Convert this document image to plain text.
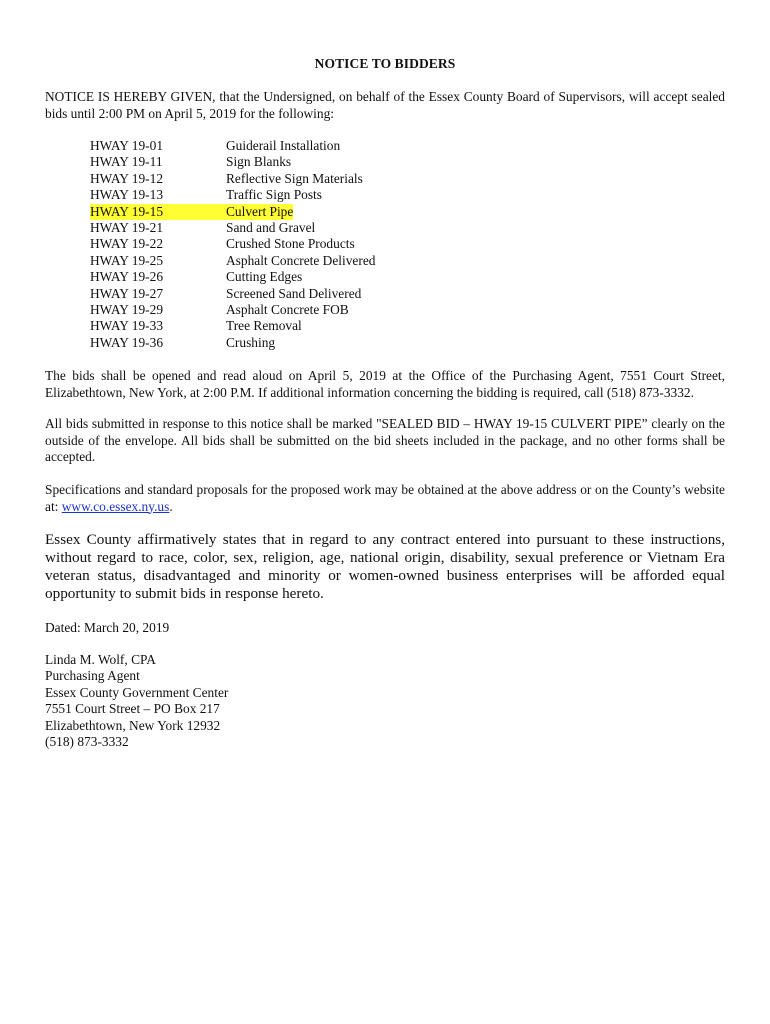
NOTICE TO BIDDERS
NOTICE IS HEREBY GIVEN, that the Undersigned, on behalf of the Essex County Board of Supervisors, will accept sealed bids until 2:00 PM on April 5, 2019 for the following:
HWAY 19-01	Guiderail Installation
HWAY 19-11	Sign Blanks
HWAY 19-12	Reflective Sign Materials
HWAY 19-13	Traffic Sign Posts
HWAY 19-15	Culvert Pipe
HWAY 19-21	Sand and Gravel
HWAY 19-22	Crushed Stone Products
HWAY 19-25	Asphalt Concrete Delivered
HWAY 19-26	Cutting Edges
HWAY 19-27	Screened Sand Delivered
HWAY 19-29	Asphalt Concrete FOB
HWAY 19-33	Tree Removal
HWAY 19-36	Crushing
The bids shall be opened and read aloud on April 5, 2019 at the Office of the Purchasing Agent, 7551 Court Street, Elizabethtown, New York, at 2:00 P.M. If additional information concerning the bidding is required, call (518) 873-3332.
All bids submitted in response to this notice shall be marked "SEALED BID – HWAY 19-15 CULVERT PIPE” clearly on the outside of the envelope. All bids shall be submitted on the bid sheets included in the package, and no other forms shall be accepted.
Specifications and standard proposals for the proposed work may be obtained at the above address or on the County’s website at: www.co.essex.ny.us.
Essex County affirmatively states that in regard to any contract entered into pursuant to these instructions, without regard to race, color, sex, religion, age, national origin, disability, sexual preference or Vietnam Era veteran status, disadvantaged and minority or women-owned business enterprises will be afforded equal opportunity to submit bids in response hereto.
Dated: March 20, 2019
Linda M. Wolf, CPA
Purchasing Agent
Essex County Government Center
7551 Court Street – PO Box 217
Elizabethtown, New York 12932
(518) 873-3332
